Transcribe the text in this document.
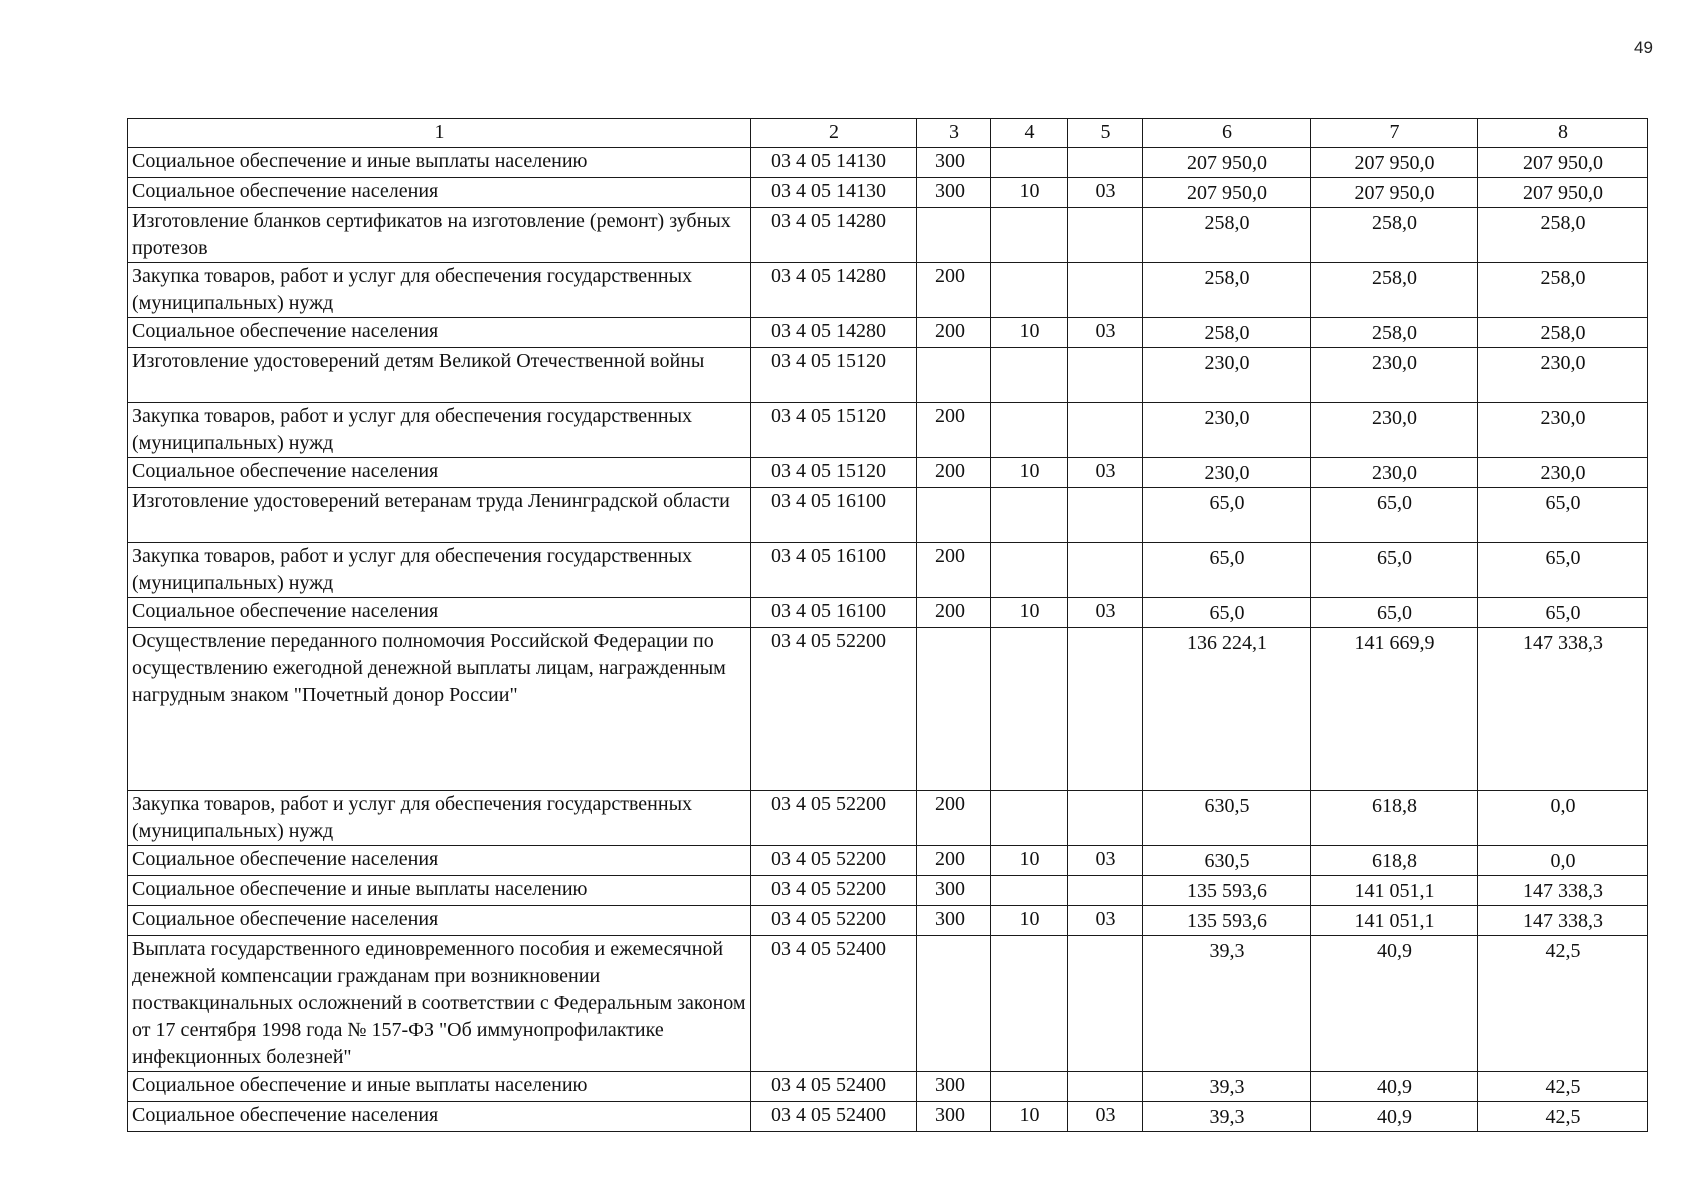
49
1	2	3	4	5	6	7	8
Социальное обеспечение и иные выплаты населению	03 4 05 14130	300			207 950,0	207 950,0	207 950,0
Социальное обеспечение населения	03 4 05 14130	300	10	03	207 950,0	207 950,0	207 950,0
Изготовление бланков сертификатов на изготовление (ремонт) зубных протезов	03 4 05 14280				258,0	258,0	258,0
Закупка товаров, работ и услуг для обеспечения государственных (муниципальных) нужд	03 4 05 14280	200			258,0	258,0	258,0
Социальное обеспечение населения	03 4 05 14280	200	10	03	258,0	258,0	258,0
Изготовление удостоверений детям Великой Отечественной войны	03 4 05 15120				230,0	230,0	230,0
Закупка товаров, работ и услуг для обеспечения государственных (муниципальных) нужд	03 4 05 15120	200			230,0	230,0	230,0
Социальное обеспечение населения	03 4 05 15120	200	10	03	230,0	230,0	230,0
Изготовление удостоверений ветеранам труда Ленинградской области	03 4 05 16100				65,0	65,0	65,0
Закупка товаров, работ и услуг для обеспечения государственных (муниципальных) нужд	03 4 05 16100	200			65,0	65,0	65,0
Социальное обеспечение населения	03 4 05 16100	200	10	03	65,0	65,0	65,0
Осуществление переданного полномочия Российской Федерации по осуществлению ежегодной денежной выплаты лицам, награжденным нагрудным знаком "Почетный донор России"	03 4 05 52200				136 224,1	141 669,9	147 338,3
Закупка товаров, работ и услуг для обеспечения государственных (муниципальных) нужд	03 4 05 52200	200			630,5	618,8	0,0
Социальное обеспечение населения	03 4 05 52200	200	10	03	630,5	618,8	0,0
Социальное обеспечение и иные выплаты населению	03 4 05 52200	300			135 593,6	141 051,1	147 338,3
Социальное обеспечение населения	03 4 05 52200	300	10	03	135 593,6	141 051,1	147 338,3
Выплата государственного единовременного пособия и ежемесячной денежной компенсации гражданам при возникновении поствакцинальных осложнений в соответствии с Федеральным законом от 17 сентября 1998 года № 157-ФЗ "Об иммунопрофилактике инфекционных болезней"	03 4 05 52400				39,3	40,9	42,5
Социальное обеспечение и иные выплаты населению	03 4 05 52400	300			39,3	40,9	42,5
Социальное обеспечение населения	03 4 05 52400	300	10	03	39,3	40,9	42,5
